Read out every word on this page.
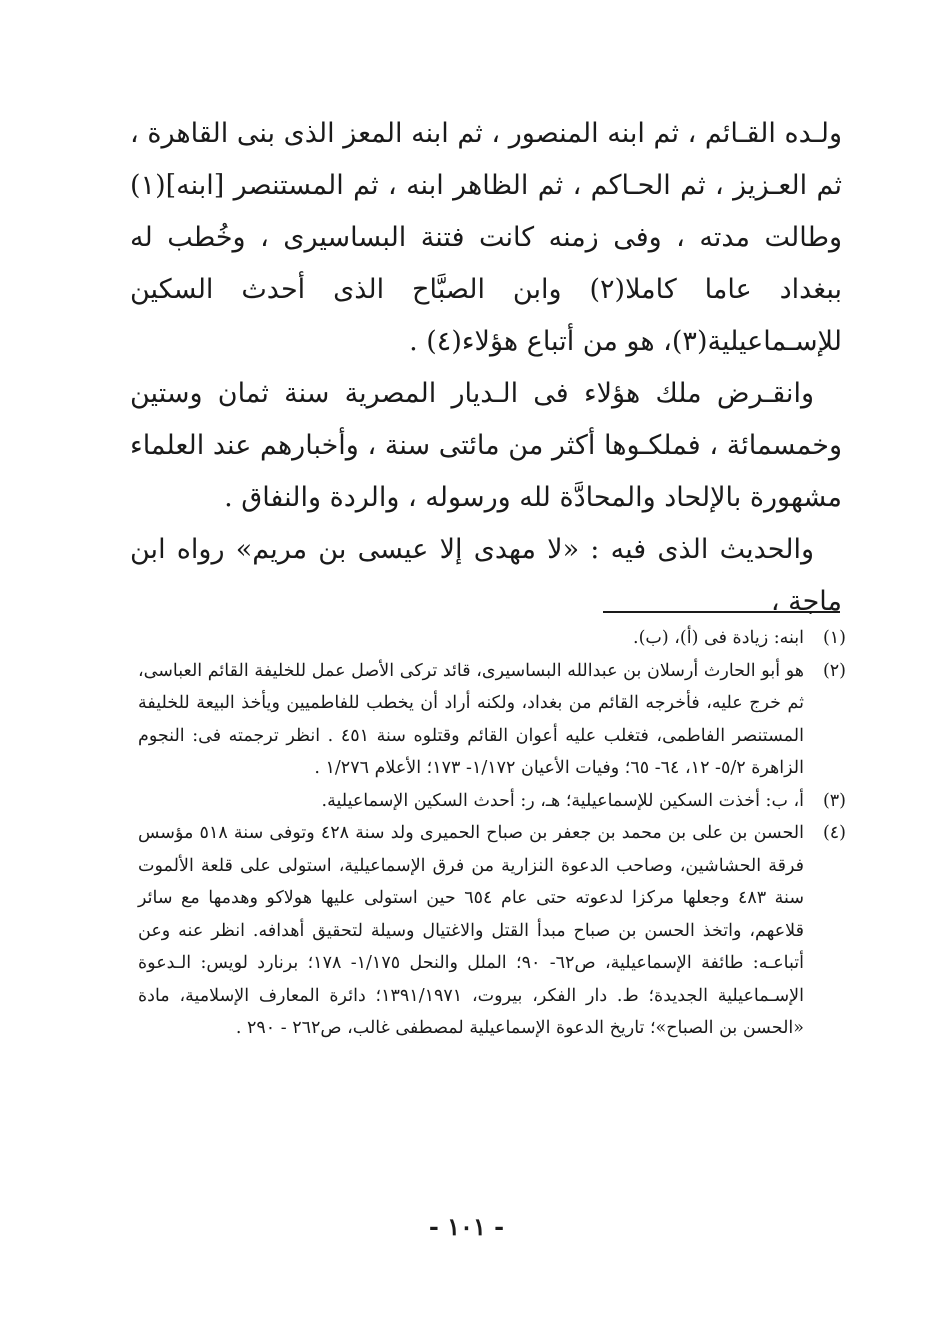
ولـده القـائم ، ثم ابنه المنصور ، ثم ابنه المعز الذى بنى القاهرة ، ثم العـزيز ، ثم الحـاكم ، ثم الظاهر ابنه ، ثم المستنصر [ابنه](١) وطالت مدته ، وفى زمنه كانت فتنة البساسيرى ، وخُطب له ببغداد عاما كاملا(٢) وابن الصبَّاح الذى أحدث السكين للإسـماعيلية(٣)، هو من أتباع هؤلاء(٤) .

وانقـرض ملك هؤلاء فى الـديار المصرية سنة ثمان وستين وخمسمائة ، فملكـوها أكثر من مائتى سنة ، وأخبارهم عند العلماء مشهورة بالإلحاد والمحادَّة لله ورسوله ، والردة والنفاق .

والحديث الذى فيه : «لا مهدى إلا عيسى بن مريم» رواه ابن ماجة ،

(١)
ابنه: زيادة فى (أ)، (ب).
(٢)
هو أبو الحارث أرسلان بن عبدالله البساسيرى، قائد تركى الأصل عمل للخليفة القائم العباسى، ثم خرج عليه، فأخرجه القائم من بغداد، ولكنه أراد أن يخطب للفاطميين ويأخذ البيعة للخليفة المستنصر الفاطمى، فتغلب عليه أعوان القائم وقتلوه سنة ٤٥١ . انظر ترجمته فى: النجوم الزاهرة ٥/٢- ١٢، ٦٤- ٦٥؛ وفيات الأعيان ١/١٧٢- ١٧٣؛ الأعلام ١/٢٧٦ .
(٣)
أ، ب: أخذت السكين للإسماعيلية؛ هـ، ر: أحدث السكين الإسماعيلية.
(٤)
الحسن بن على بن محمد بن جعفر بن صباح الحميرى ولد سنة ٤٢٨ وتوفى سنة ٥١٨ مؤسس فرقة الحشاشين، وصاحب الدعوة النزارية من فرق الإسماعيلية، استولى على قلعة الألموت سنة ٤٨٣ وجعلها مركزا لدعوته حتى عام ٦٥٤ حين استولى عليها هولاكو وهدمها مع سائر قلاعهم، واتخذ الحسن بن صباح مبدأ القتل والاغتيال وسيلة لتحقيق أهدافه. انظر عنه وعن أتباعـه: طائفة الإسماعيلية، ص٦٢- ٩٠؛ الملل والنحل ١/١٧٥- ١٧٨؛ برنارد لويس: الـدعوة الإسـماعيلية الجديدة؛ ط. دار الفكر، بيروت، ١٣٩١/١٩٧١؛ دائرة المعارف الإسلامية، مادة «الحسن بن الصباح»؛ تاريخ الدعوة الإسماعيلية لمصطفى غالب، ص٢٦٢ - ٢٩٠ .
- ١٠١ -
